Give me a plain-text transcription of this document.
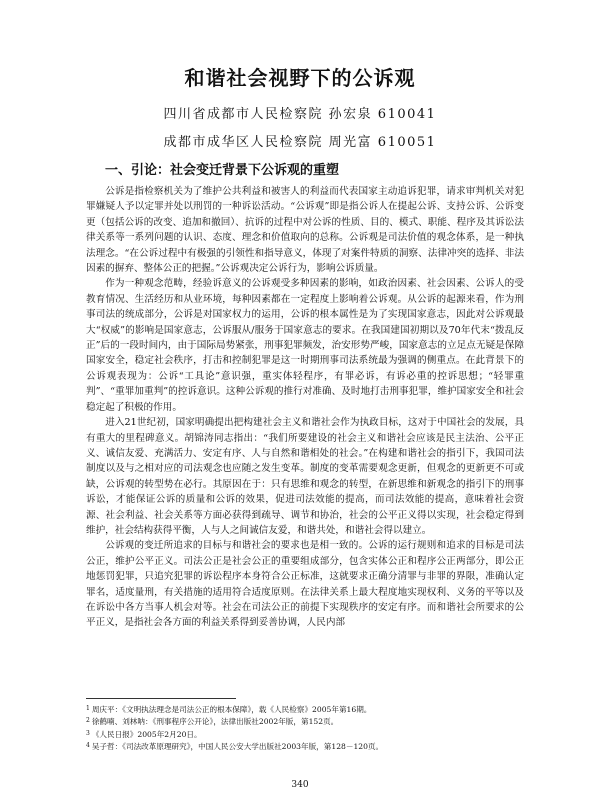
和谐社会视野下的公诉观
四川省成都市人民检察院 孙宏泉 610041
成都市成华区人民检察院 周光富 610051
一、引论：社会变迁背景下公诉观的重塑

公诉是指检察机关为了维护公共利益和被害人的利益而代表国家主动追诉犯罪，请求审判机关对犯罪嫌疑人予以定罪并处以刑罚的一种诉讼活动。“公诉观”即是指公诉人在提起公诉、支持公诉、公诉变更（包括公诉的改变、追加和撤回）、抗诉的过程中对公诉的性质、目的、模式、职能、程序及其诉讼法律关系等一系列问题的认识、态度、理念和价值取向的总称。公诉观是司法价值的观念体系，是一种执法理念。“在公诉过程中有极强的引领性和指导意义，体现了对案件特质的洞察、法律冲突的选择、非法因素的摒弃、整体公正的把握。”公诉观决定公诉行为，影响公诉质量。

作为一种观念范畴，经验诉意义的公诉观受多种因素的影响，如政治因素、社会因素、公诉人的受教育情况、生活经历和从业环境，每种因素都在一定程度上影响着公诉观。从公诉的起源来看，作为刑事司法的统成部分，公诉是对国家权力的运用，公诉的根本属性是为了实现国家意志，因此对公诉观最大“权威”的影响是国家意志，公诉服从/服务于国家意志的要求。在我国建国初期以及70年代末“拨乱反正”后的一段时间内，由于国际局势紧张，刑事犯罪频发，治安形势严峻，国家意志的立足点无疑是保障国家安全，稳定社会秩序，打击和控制犯罪是这一时期刑事司法系统最为强调的侧重点。在此背景下的公诉观表现为：公诉“工具论”意识强，重实体轻程序，有罪必诉，有诉必重的控诉思想；“轻罪重判”、“重罪加重判”的控诉意识。这种公诉观的推行对准确、及时地打击刑事犯罪，维护国家安全和社会稳定起了积极的作用。

进入21世纪初，国家明确提出把构建社会主义和谐社会作为执政目标，这对于中国社会的发展，具有重大的里程碑意义。胡锦涛同志指出：“我们所要建设的社会主义和谐社会应该是民主法治、公平正义、诚信友爱、充满活力、安定有序、人与自然和谐相处的社会。”在构建和谐社会的指引下，我国司法制度以及与之相对应的司法观念也应随之发生变革。制度的变革需要观念更新，但观念的更新更不可或缺，公诉观的转型势在必行。其原因在于：只有思维和观念的转型，在新思维和新观念的指引下的刑事诉讼，才能保证公诉的质量和公诉的效果，促进司法效能的提高，而司法效能的提高，意味着社会资源、社会利益、社会关系等方面必获得到疏导、调节和协治，社会的公平正义得以实现，社会稳定得到维护，社会结构获得平衡，人与人之间诚信友爱，和谐共处，和谐社会得以建立。

公诉观的变迁所追求的目标与和谐社会的要求也是相一致的。公诉的运行规则和追求的目标是司法公正，维护公平正义。司法公正是社会公正的重要组成部分，包含实体公正和程序公正两部分，即公正地惩罚犯罪，只追究犯罪的诉讼程序本身符合公正标准，这就要求正确分清罪与非罪的界限，准确认定罪名，适度量刑，有关措施的适用符合适度原则。在法律关系上最大程度地实现权利、义务的平等以及在诉讼中各方当事人机会对等。社会在司法公正的前提下实现秩序的安定有序。而和谐社会所要求的公平正义，是指社会各方面的利益关系得到妥善协调，人民内部

$^1$ 周庆平：《文明执法理念是司法公正的根本保障》，载《人民检察》2005年第16期。
$^2$ 徐鹤喃、刘林呐：《刑事程序公开论》，法律出版社2002年版，第152页。
$^3$ 《人民日报》2005年2月20日。
$^4$ 吴子哲：《司法改革原理研究》，中国人民公安大学出版社2003年版，第128－120页。
340
